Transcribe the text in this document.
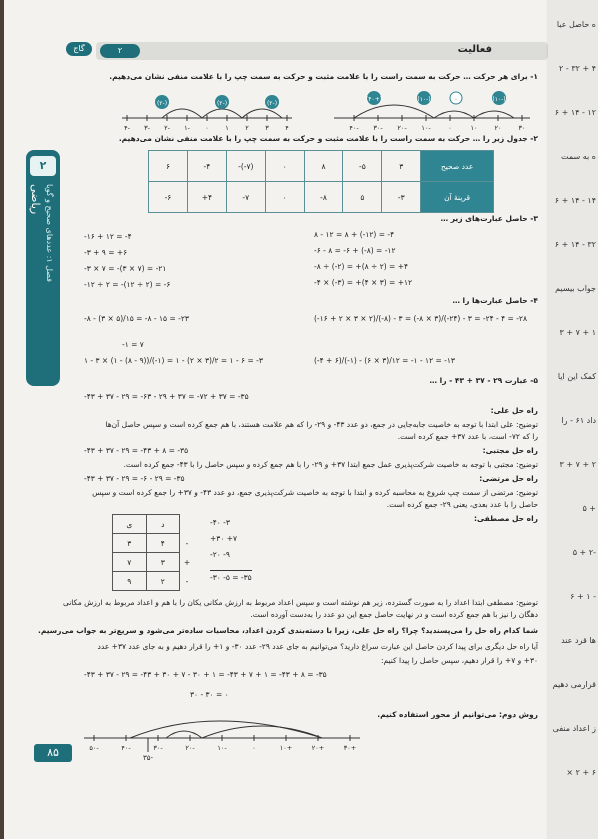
گاج	فعالیت
۲
۱- برای هر حرکت … حرکت به سمت راست را با علامت مثبت و حرکت به سمت چپ را با علامت منفی نشان می‌دهیم.
-۴ -۳ -۲ -۱ ۰	۱	۲	۳	۴
(-۲)	(-۲)	(-۲)
-۴۰ -۳۰ -۲۰ -۱۰	۰	۱۰	۲۰	۳۰
(+۴۰)	(-۱۰)	۰	(-۱۰)
۲- جدول زیر را … حرکت به سمت راست را با علامت مثبت و حرکت به سمت چپ را با علامت منفی نشان می‌دهیم.
عدد صحیح	۳	-۵	۸	۰	-(-۷)	-۴	۶
قرینهٔ آن	-۳	۵	-۸	۰	-۷	+۴	-۶
۳- حاصل عبارت‌های زیر …
۸ - ۱۲ = ۸ + (-۱۲) = -۴
-۶ - ۸ = -۶ + (-۸) = -۱۲
-۸ ÷ (-۲) = +(۸ ÷ ۲) = +۴
-۴ × (-۳) = +(۴ × ۳) = +۱۲
-۱۶ + ۱۲ = -۴
-۳ + ۹ = +۶
-۳ × ۷ = -(۳ × ۷) = -۲۱
-۱۲ ÷ ۲ = -(۱۲ ÷ ۲) = -۶
۴- حاصل عبارت‌ها را …
(-۱۶ + ۲ × ۳ × ۲)/(-۸) - ۳ = (-۸ × ۳)/(-۲۴) - ۳ = -۲۴ - ۴ = -۲۸
-۸ - (۳ × ۵)/۱۵ = -۸ - ۱۵ = -۲۳
-۱ = ۷
(-۴ + ۶)/(-۱) - (۶ × ۳)/۱۲ = -۱ - ۱۲ = -۱۳
۱ - ۳ × (۱ - (۸ - ۹))/(-۱) = ۱ - (۲ × ۳)/۲ = ۱ - ۶ = -۳
۵- عبارت ۲۹ - ۳۷ + ۴۳ - را …
-۴۳ + ۳۷ - ۲۹ = -۶۳ - ۲۹ + ۳۷ = -۷۲ + ۳۷ = -۳۵
راه حل علی:
توضیح: علی ابتدا با توجه به خاصیت جابه‌جایی در جمع، دو عدد ۴۳- و ۲۹- را که هم علامت هستند، با هم جمع کرده است و سپس حاصل آن‌ها
را که ۷۲- است، با عدد ۳۷+ جمع کرده است.
راه حل مجتبی:
-۴۳ + ۳۷ - ۲۹ = -۴۳ + ۸ = -۳۵
توضیح: مجتبی با توجه به خاصیت شرکت‌پذیری عمل جمع ابتدا ۳۷+ و ۲۹- را با هم جمع کرده و سپس حاصل را با ۴۳- جمع کرده است.
راه حل مرتضی:
-۴۳ + ۳۷ - ۲۹ = -۶ - ۲۹ = -۳۵
توضیح: مرتضی از سمت چپ شروع به محاسبه کرده و ابتدا با توجه به خاصیت شرکت‌پذیری جمع، دو عدد ۴۳- و ۳۷+ را جمع کرده است و سپس
حاصل را با عدد بعدی، یعنی ۲۹- جمع کرده است.
راه حل مصطفی:
	د	ی
-	۴	۳
+	۳	۷
-	۲	۹
-۴۰ -۳
+۳۰ +۷
-۲۰ -۹
-۳۰ -۵ = -۳۵
توضیح: مصطفی ابتدا اعداد را به صورت گسترده، زیر هم نوشته است و سپس اعداد مربوط به ارزش مکانی یکان را با هم و اعداد مربوط به ارزش مکانی
دهگان را نیز با هم جمع کرده است و در نهایت حاصل جمع این دو عدد را به‌دست آورده است.
شما کدام راه حل را می‌پسندید؟ چرا؟ راه حل علی، زیرا با دسته‌بندی کردن اعداد، محاسبات ساده‌تر می‌شود و سریع‌تر به جواب می‌رسیم.
آیا راه حل دیگری برای پیدا کردن حاصل این عبارت سراغ دارید؟ می‌توانیم به جای عدد ۲۹- عدد ۳۰- و ۱+ را قرار دهیم و به جای عدد ۳۷+ عدد
۳۰+ و ۷+ را قرار دهیم، سپس حاصل را پیدا کنیم:
-۴۳ + ۳۷ - ۲۹ = -۴۳ + ۳۰ + ۷ - ۳۰ + ۱ = -۴۳ + ۷ + ۱ = -۴۳ + ۸ = -۳۵
۳۰ - ۳۰ = ۰
روش دوم: می‌توانیم از محور استفاده کنیم.
-۵۰	-۴۰	-۳۰	-۲۰	-۱۰	۰	+۱۰	+۲۰	+۳۰
-۳۵
۲
ریاضی فصل ۱: عددهای صحیح و گویا
۸۵
ه حاصل عبا
۴ + ۳۲ - ۲
۱۲ - ۱۴ + ۶
ه به سمت
۱۴ - ۱۴ + ۶
۳۲ - ۱۴ + ۶
جواب بیسیم
۱ + ۷ + ۳
کمک این ایا
داد ۶۱ - را
۲ + ۷ + ۳
+ ۵
-۲ + ۵
- ۱ + ۶
ها قرد عند
قرارمی دهیم
ز اعداد منفی
۶ + ۲ ×
